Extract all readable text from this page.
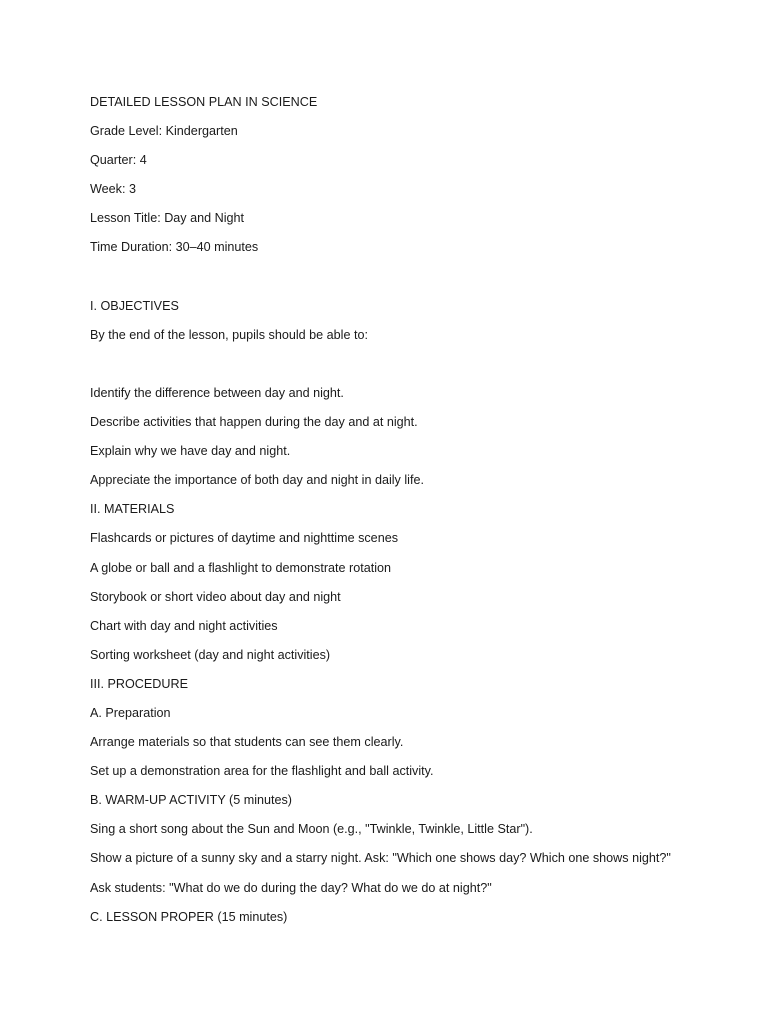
DETAILED LESSON PLAN IN SCIENCE
Grade Level: Kindergarten
Quarter: 4
Week: 3
Lesson Title: Day and Night
Time Duration: 30–40 minutes
I. OBJECTIVES
By the end of the lesson, pupils should be able to:
Identify the difference between day and night.
Describe activities that happen during the day and at night.
Explain why we have day and night.
Appreciate the importance of both day and night in daily life.
II. MATERIALS
Flashcards or pictures of daytime and nighttime scenes
A globe or ball and a flashlight to demonstrate rotation
Storybook or short video about day and night
Chart with day and night activities
Sorting worksheet (day and night activities)
III. PROCEDURE
A. Preparation
Arrange materials so that students can see them clearly.
Set up a demonstration area for the flashlight and ball activity.
B. WARM-UP ACTIVITY (5 minutes)
Sing a short song about the Sun and Moon (e.g., "Twinkle, Twinkle, Little Star").
Show a picture of a sunny sky and a starry night. Ask: "Which one shows day? Which one shows night?"
Ask students: "What do we do during the day? What do we do at night?"
C. LESSON PROPER (15 minutes)
